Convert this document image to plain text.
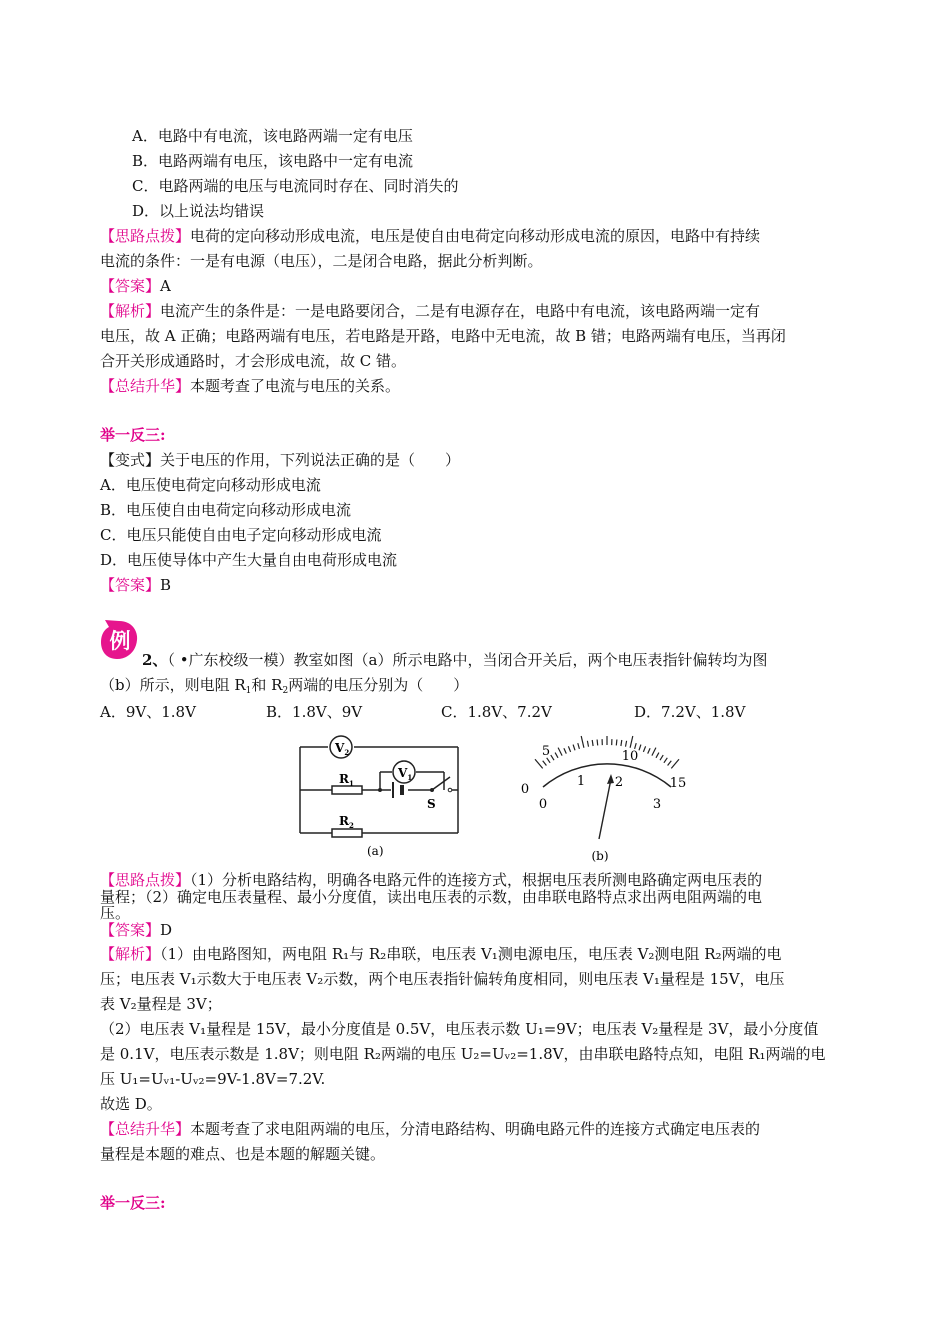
A．电路中有电流，该电路两端一定有电压
B．电路两端有电压，该电路中一定有电流
C．电路两端的电压与电流同时存在、同时消失的
D．以上说法均错误
【思路点拨】电荷的定向移动形成电流，电压是使自由电荷定向移动形成电流的原因，电路中有持续
电流的条件：一是有电源（电压），二是闭合电路，据此分析判断。
【答案】A
【解析】电流产生的条件是：一是电路要闭合，二是有电源存在，电路中有电流，该电路两端一定有
电压，故 A 正确；电路两端有电压，若电路是开路，电路中无电流，故 B 错；电路两端有电压，当再闭
合开关形成通路时，才会形成电流，故 C 错。
【总结升华】本题考查了电流与电压的关系。
举一反三:
【变式】关于电压的作用，下列说法正确的是（　　）
A．电压使电荷定向移动形成电流
B．电压使自由电荷定向移动形成电流
C．电压只能使自由电子定向移动形成电流
D．电压使导体中产生大量自由电荷形成电流
【答案】B
例
2、（ •广东校级一模）教室如图（a）所示电路中，当闭合开关后，两个电压表指针偏转均为图
（b）所示，则电阻 $R_1$和 $R_2$两端的电压分别为（　　）
A．9V、1.8V	B．1.8V、9V	C．1.8V、7.2V	D．7.2V、1.8V
$V_2$
$V_1$
$R_1$
$R_2$
S
(a)
5	10
0	15
0
1 2
3
(b)
【思路点拨】（1）分析电路结构，明确各电路元件的连接方式，根据电压表所测电路确定两电压表的
量程；（2）确定电压表量程、最小分度值，读出电压表的示数，由串联电路特点求出两电阻两端的电
压。
【答案】D
【解析】（1）由电路图知，两电阻 R₁与 R₂串联，电压表 V₁测电源电压，电压表 V₂测电阻 R₂两端的电
压；电压表 V₁示数大于电压表 V₂示数，两个电压表指针偏转角度相同，则电压表 V₁量程是 15V，电压
表 V₂量程是 3V；
（2）电压表 V₁量程是 15V，最小分度值是 0.5V，电压表示数 U₁=9V；电压表 V₂量程是 3V，最小分度值
是 0.1V，电压表示数是 1.8V；则电阻 R₂两端的电压 U₂=Uᵥ₂=1.8V，由串联电路特点知，电阻 R₁两端的电
压 U₁=Uᵥ₁-Uᵥ₂=9V-1.8V=7.2V.
故选 D。
【总结升华】本题考查了求电阻两端的电压，分清电路结构、明确电路元件的连接方式确定电压表的
量程是本题的难点、也是本题的解题关键。
举一反三:
